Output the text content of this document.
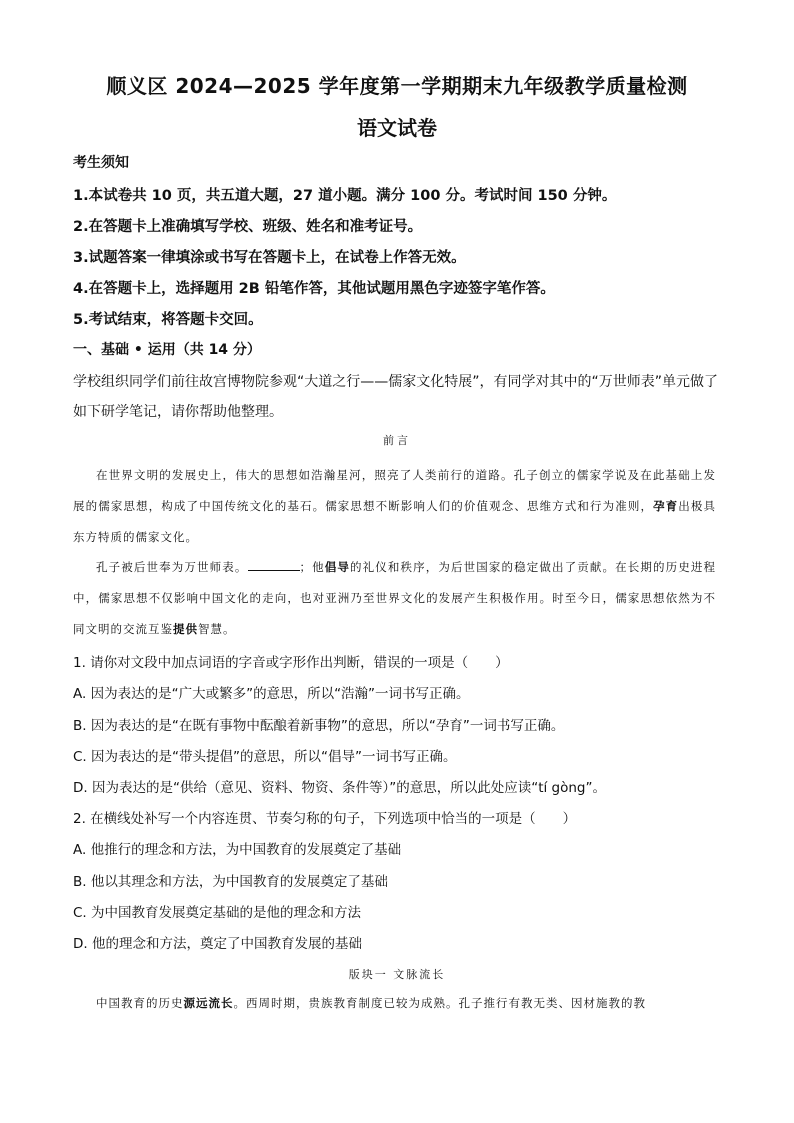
顺义区 2024—2025 学年度第一学期期末九年级教学质量检测
语文试卷
考生须知
1.本试卷共 10 页，共五道大题，27 道小题。满分 100 分。考试时间 150 分钟。
2.在答题卡上准确填写学校、班级、姓名和准考证号。
3.试题答案一律填涂或书写在答题卡上，在试卷上作答无效。
4.在答题卡上，选择题用 2B 铅笔作答，其他试题用黑色字迹签字笔作答。
5.考试结束，将答题卡交回。
一、基础 • 运用（共 14 分）
学校组织同学们前往故宫博物院参观“大道之行——儒家文化特展”，有同学对其中的“万世师表”单元做了如下研学笔记，请你帮助他整理。
前言
在世界文明的发展史上，伟大的思想如浩瀚星河，照亮了人类前行的道路。孔子创立的儒家学说及在此基础上发展的儒家思想，构成了中国传统文化的基石。儒家思想不断影响人们的价值观念、思维方式和行为准则，孕育出极具东方特质的儒家文化。
孔子被后世奉为万世师表。	；他倡导的礼仪和秩序，为后世国家的稳定做出了贡献。在长期的历史进程中，儒家思想不仅影响中国文化的走向，也对亚洲乃至世界文化的发展产生积极作用。时至今日，儒家思想依然为不同文明的交流互鉴提供智慧。
1. 请你对文段中加点词语的字音或字形作出判断，错误的一项是（　　）
A. 因为表达的是“广大或繁多”的意思，所以“浩瀚”一词书写正确。
B. 因为表达的是“在既有事物中酝酿着新事物”的意思，所以“孕育”一词书写正确。
C. 因为表达的是“带头提倡”的意思，所以“倡导”一词书写正确。
D. 因为表达的是“供给（意见、资料、物资、条件等）”的意思，所以此处应读“tí gòng”。
2. 在横线处补写一个内容连贯、节奏匀称的句子，下列选项中恰当的一项是（　　）
A. 他推行的理念和方法，为中国教育的发展奠定了基础
B. 他以其理念和方法，为中国教育的发展奠定了基础
C. 为中国教育发展奠定基础的是他的理念和方法
D. 他的理念和方法，奠定了中国教育发展的基础
版块一 文脉流长
中国教育的历史源远流长。西周时期，贵族教育制度已较为成熟。孔子推行有教无类、因材施教的教
